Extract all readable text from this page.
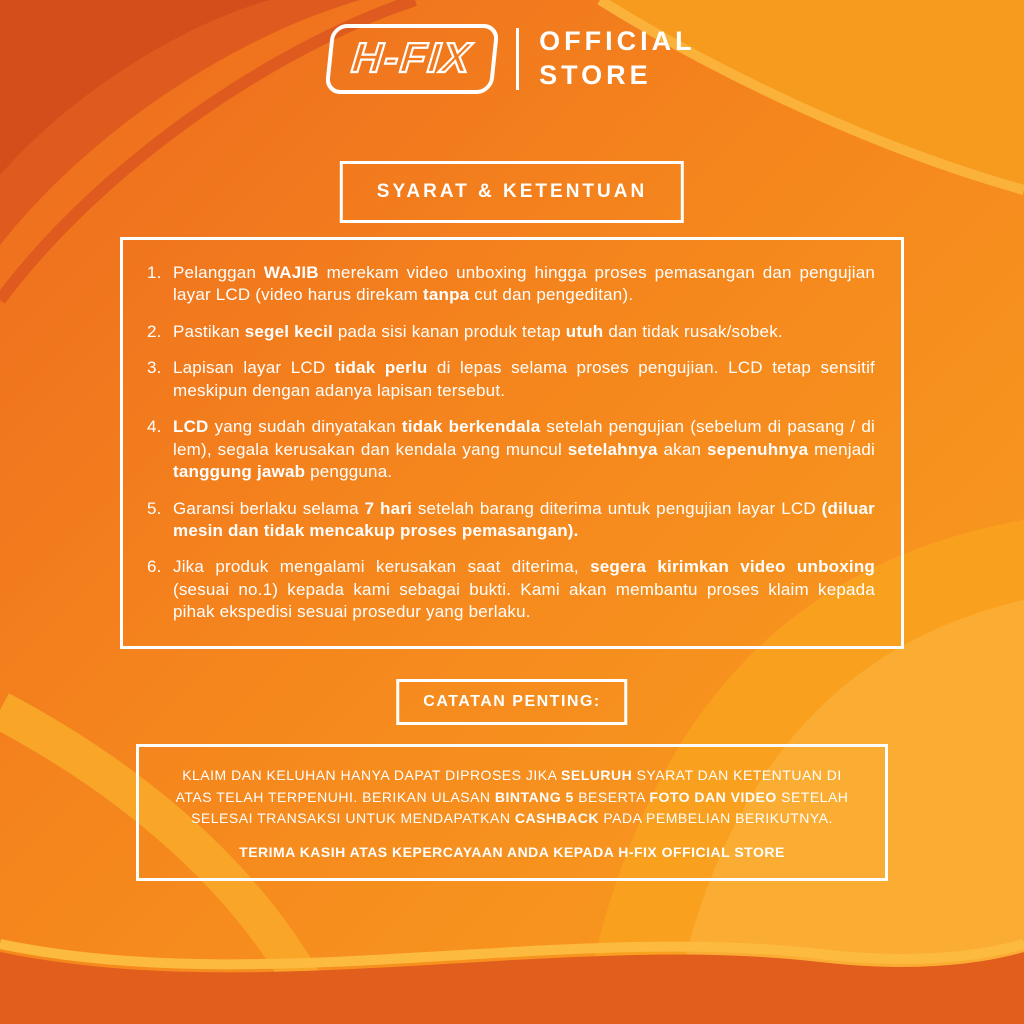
H-FIX	OFFICIAL
STORE
SYARAT & KETENTUAN
1. Pelanggan WAJIB merekam video unboxing hingga proses pemasangan dan pengujian layar LCD (video harus direkam tanpa cut dan pengeditan).
2. Pastikan segel kecil pada sisi kanan produk tetap utuh dan tidak rusak/sobek.
3. Lapisan layar LCD tidak perlu di lepas selama proses pengujian. LCD tetap sensitif meskipun dengan adanya lapisan tersebut.
4. LCD yang sudah dinyatakan tidak berkendala setelah pengujian (sebelum di pasang / di lem), segala kerusakan dan kendala yang muncul setelahnya akan sepenuhnya menjadi tanggung jawab pengguna.
5. Garansi berlaku selama 7 hari setelah barang diterima untuk pengujian layar LCD (diluar mesin dan tidak mencakup proses pemasangan).
6. Jika produk mengalami kerusakan saat diterima, segera kirimkan video unboxing (sesuai no.1) kepada kami sebagai bukti. Kami akan membantu proses klaim kepada pihak ekspedisi sesuai prosedur yang berlaku.
CATATAN PENTING:

KLAIM DAN KELUHAN HANYA DAPAT DIPROSES JIKA SELURUH SYARAT DAN KETENTUAN DI ATAS TELAH TERPENUHI. BERIKAN ULASAN BINTANG 5 BESERTA FOTO DAN VIDEO SETELAH SELESAI TRANSAKSI UNTUK MENDAPATKAN CASHBACK PADA PEMBELIAN BERIKUTNYA.

TERIMA KASIH ATAS KEPERCAYAAN ANDA KEPADA H-FIX OFFICIAL STORE
